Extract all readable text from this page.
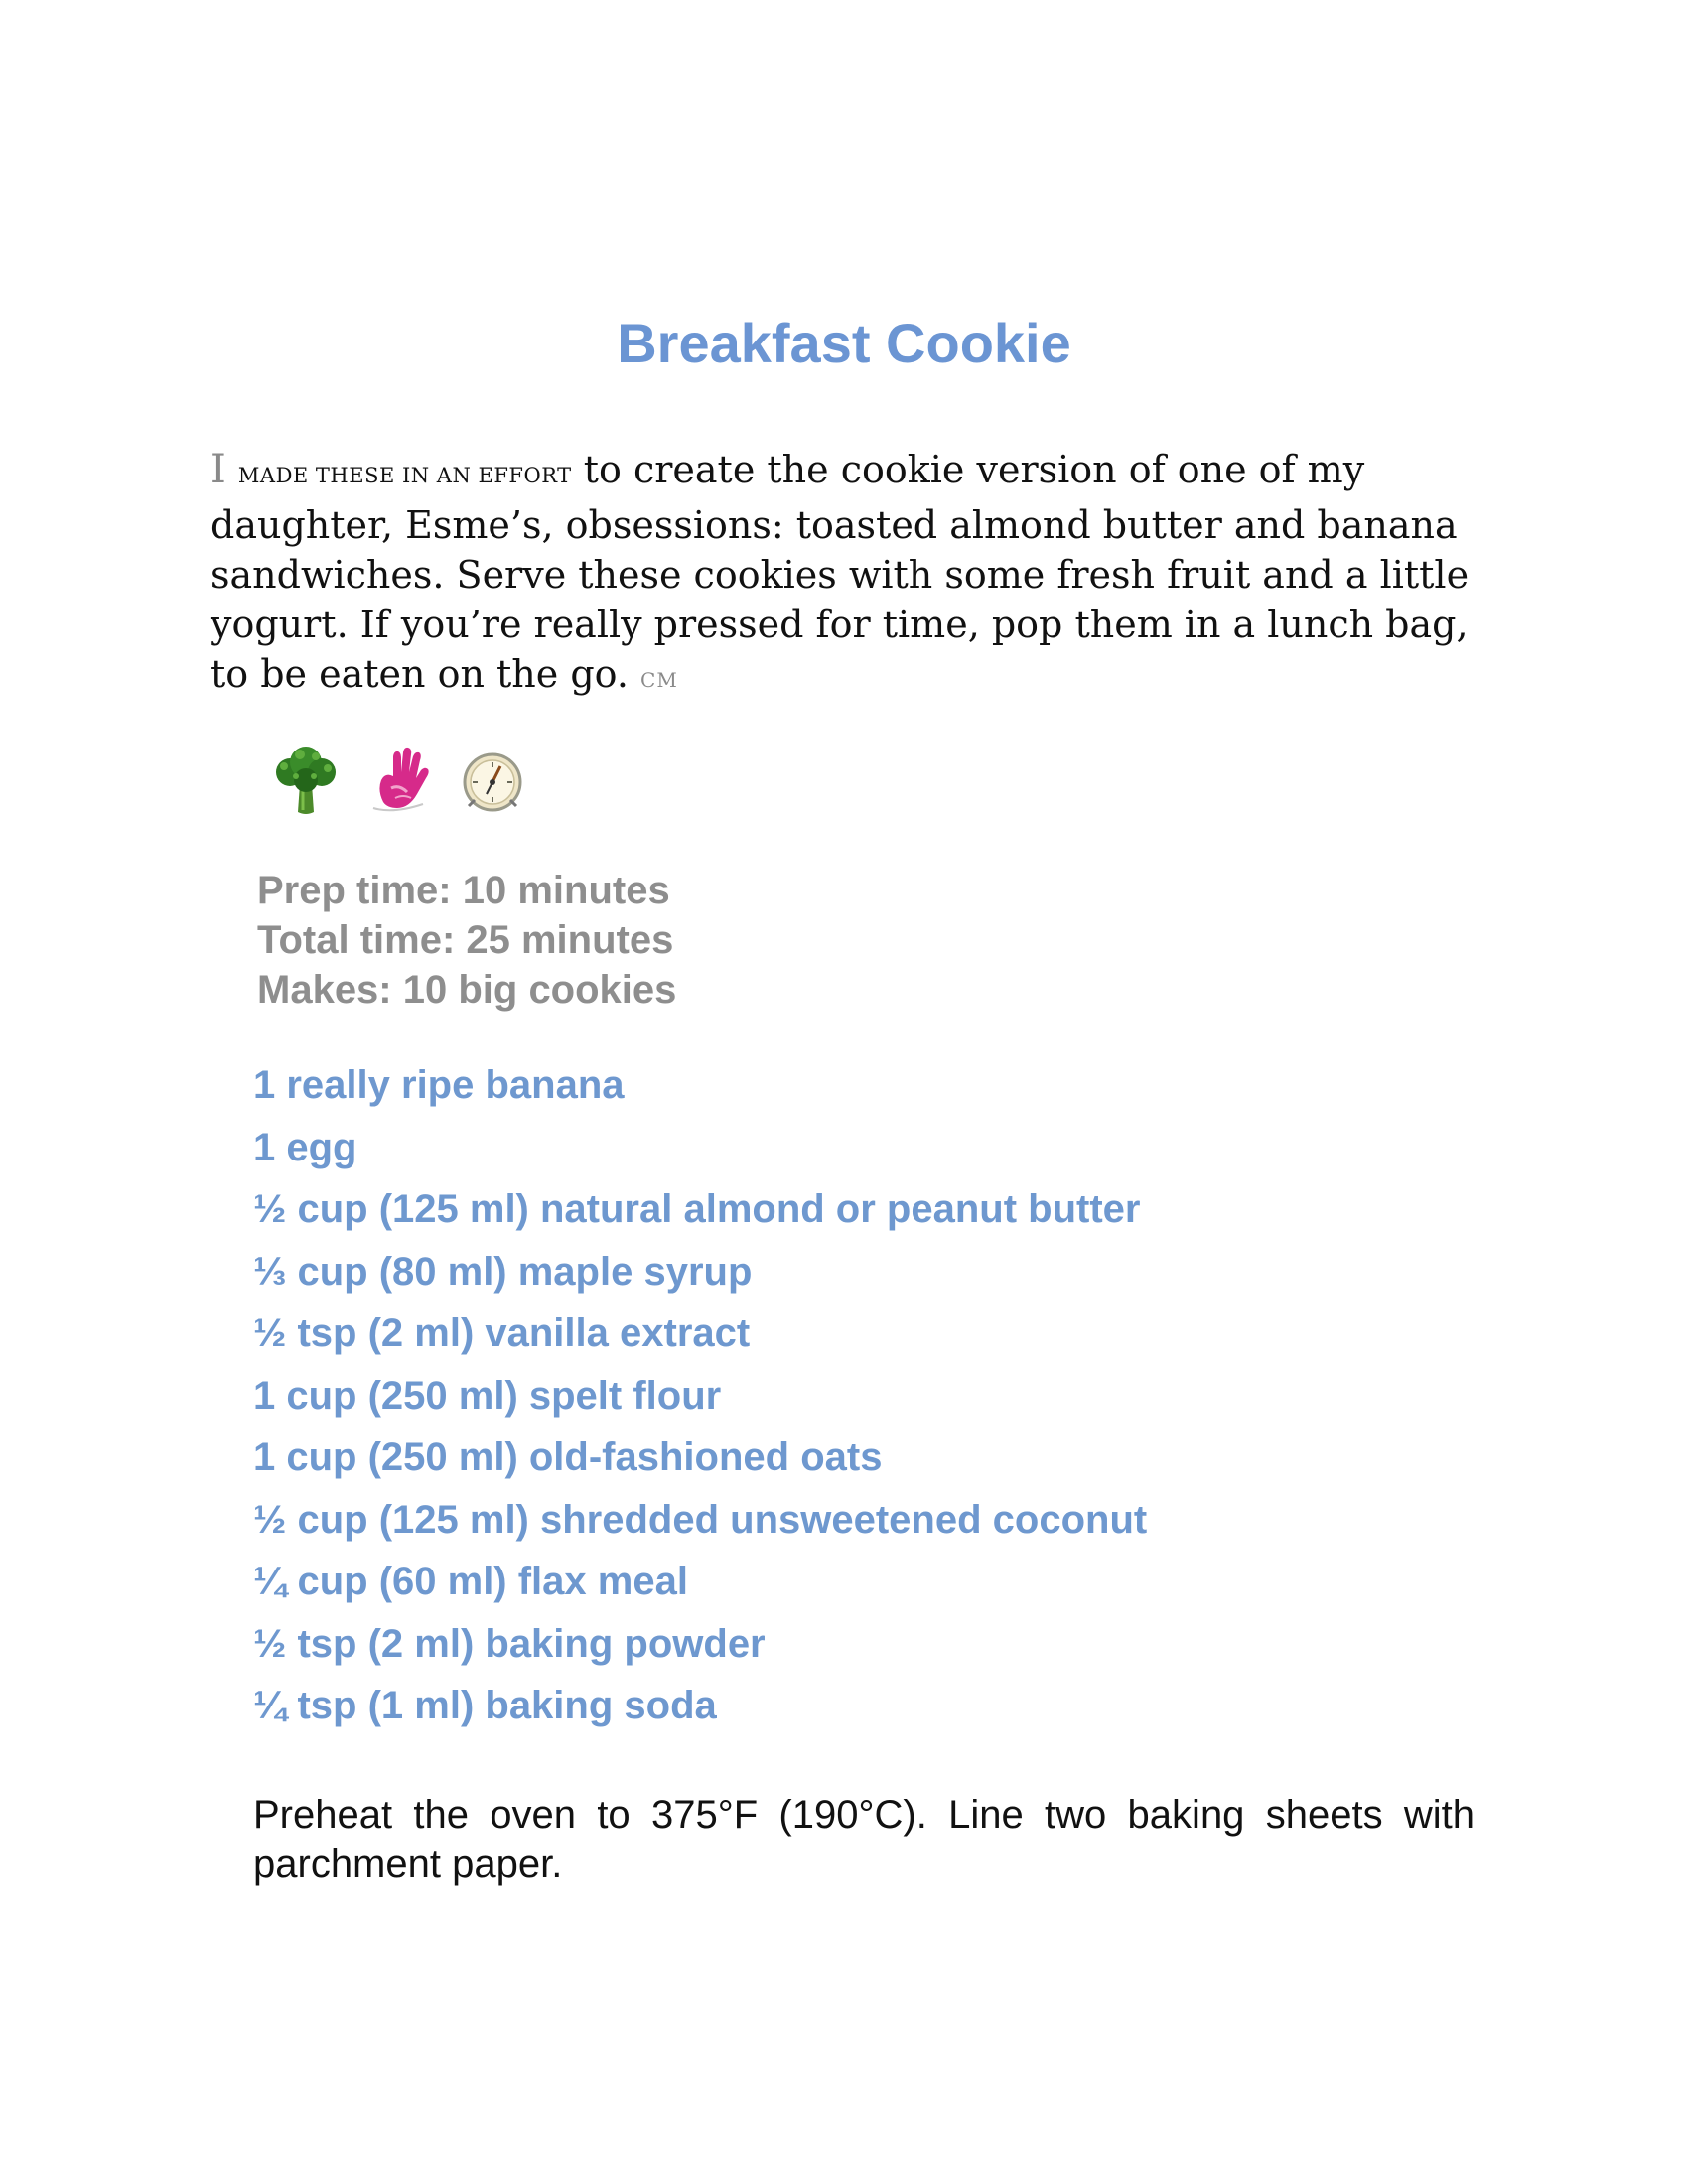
Breakfast Cookie

I MADE THESE IN AN EFFORT to create the cookie version of one of my daughter, Esme’s, obsessions: toasted almond butter and banana sandwiches. Serve these cookies with some fresh fruit and a little yogurt. If you’re really pressed for time, pop them in a lunch bag, to be eaten on the go. CM

Prep time: 10 minutes
Total time: 25 minutes
Makes: 10 big cookies
1 really ripe banana
1 egg
½ cup (125 ml) natural almond or peanut butter
⅓ cup (80 ml) maple syrup
½ tsp (2 ml) vanilla extract
1 cup (250 ml) spelt flour
1 cup (250 ml) old-fashioned oats
½ cup (125 ml) shredded unsweetened coconut
¼ cup (60 ml) flax meal
½ tsp (2 ml) baking powder
¼ tsp (1 ml) baking soda

Preheat the oven to 375°F (190°C). Line two baking sheets with parchment paper.
